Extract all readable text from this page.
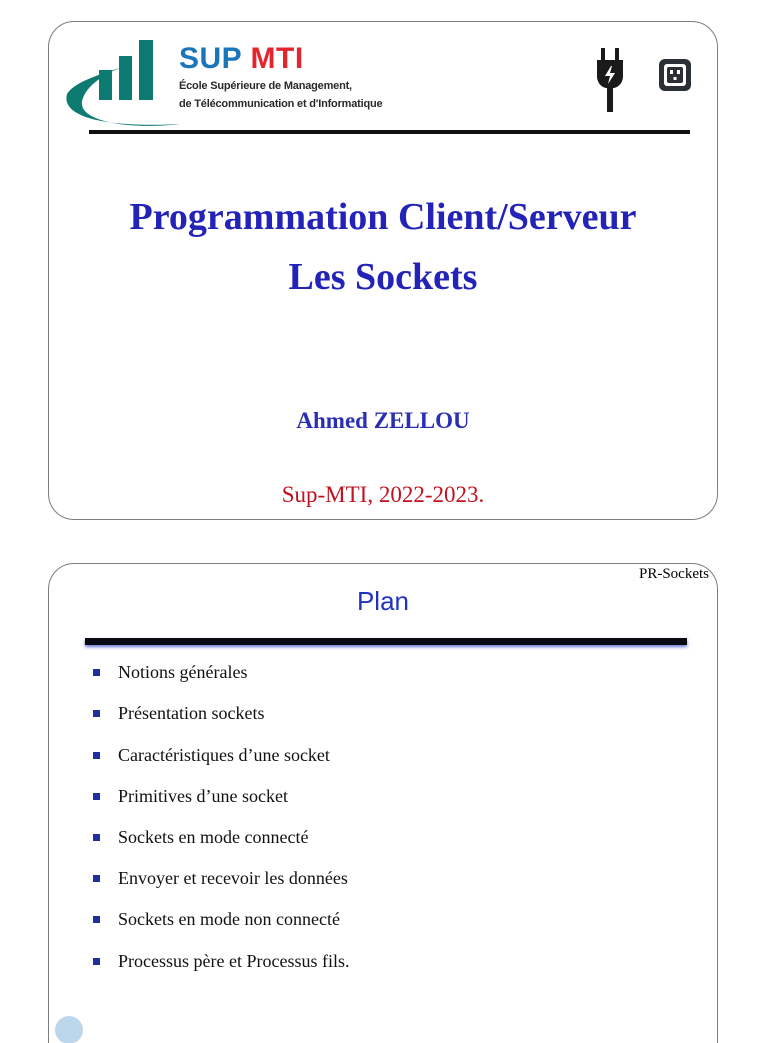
SUP MTI
École Supérieure de Management,
de Télécommunication et d'Informatique
Programmation Client/Serveur
Les Sockets
Ahmed ZELLOU
Sup-MTI, 2022-2023.
PR-Sockets
Plan
Notions générales
Présentation sockets
Caractéristiques d’une socket
Primitives d’une socket
Sockets en mode connecté
Envoyer et recevoir les données
Sockets en mode non connecté
Processus père et Processus fils.
